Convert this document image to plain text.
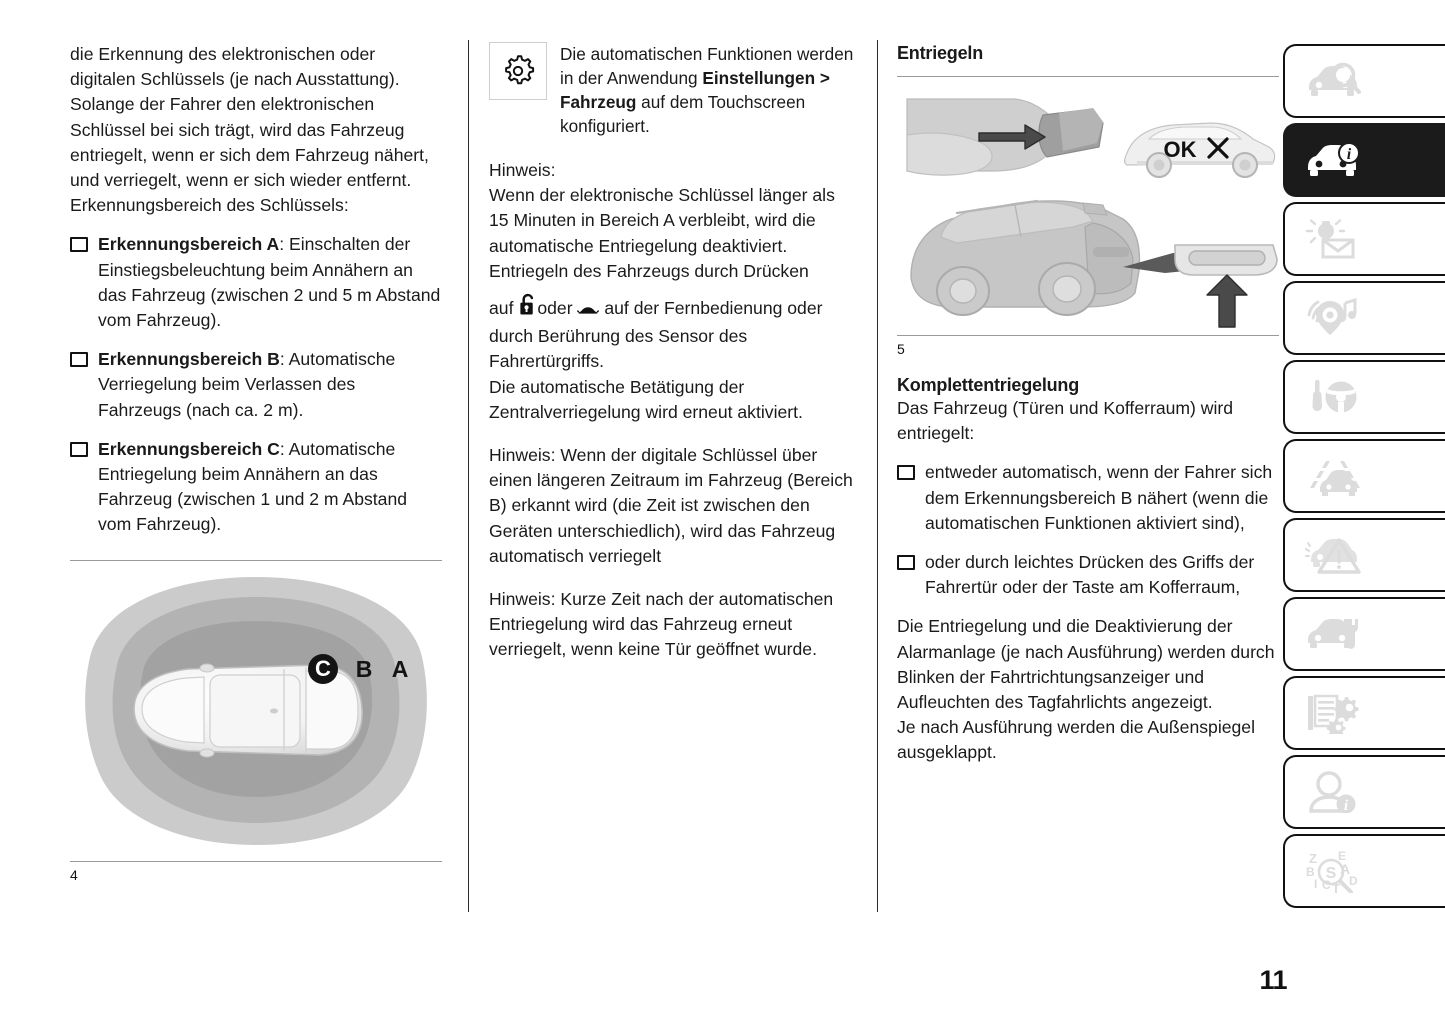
die Erkennung des elektronischen oder digitalen Schlüssels (je nach Ausstattung). Solange der Fahrer den elektronischen Schlüssel bei sich trägt, wird das Fahrzeug entriegelt, wenn er sich dem Fahrzeug nähert, und verriegelt, wenn er sich wieder entfernt.

Erkennungsbereich des Schlüssels:

Erkennungsbereich A: Einschalten der Einstiegsbeleuchtung beim Annähern an das Fahrzeug (zwischen 2 und 5 m Abstand vom Fahrzeug).
Erkennungsbereich B: Automatische Verriegelung beim Verlassen des Fahrzeugs (nach ca. 2 m).
Erkennungsbereich C: Automatische Entriegelung beim Annähern an das Fahrzeug (zwischen 1 und 2 m Abstand vom Fahrzeug).
C B A
4
Die automatischen Funktionen werden in der Anwendung Einstellungen > Fahrzeug auf dem Touchscreen konfiguriert.

Hinweis:

Wenn der elektronische Schlüssel länger als 15 Minuten in Bereich A verbleibt, wird die automatische Entriegelung deaktiviert. Entriegeln des Fahrzeugs durch Drücken

auf oder auf der Fernbedienung oder durch Berührung des Sensor des Fahrertürgriffs.

Die automatische Betätigung der Zentralverriegelung wird erneut aktiviert.

Hinweis: Wenn der digitale Schlüssel über einen längeren Zeitraum im Fahrzeug (Bereich B) erkannt wird (die Zeit ist zwischen den Geräten unterschiedlich), wird das Fahrzeug automatisch verriegelt

Hinweis: Kurze Zeit nach der automatischen Entriegelung wird das Fahrzeug erneut verriegelt, wenn keine Tür geöffnet wurde.

Entriegeln
OK
5
Komplettentriegelung

Das Fahrzeug (Türen und Kofferraum) wird entriegelt:

entweder automatisch, wenn der Fahrer sich dem Erkennungsbereich B nähert (wenn die automatischen Funktionen aktiviert sind),
oder durch leichtes Drücken des Griffs der Fahrertür oder der Taste am Kofferraum,

Die Entriegelung und die Deaktivierung der Alarmanlage (je nach Ausführung) werden durch Blinken der Fahrtrichtungsanzeiger und Aufleuchten des Tagfahrlichts angezeigt.

Je nach Ausführung werden die Außenspiegel ausgeklappt.

i
i
Z
B
I C T
E
A
D
S
11
